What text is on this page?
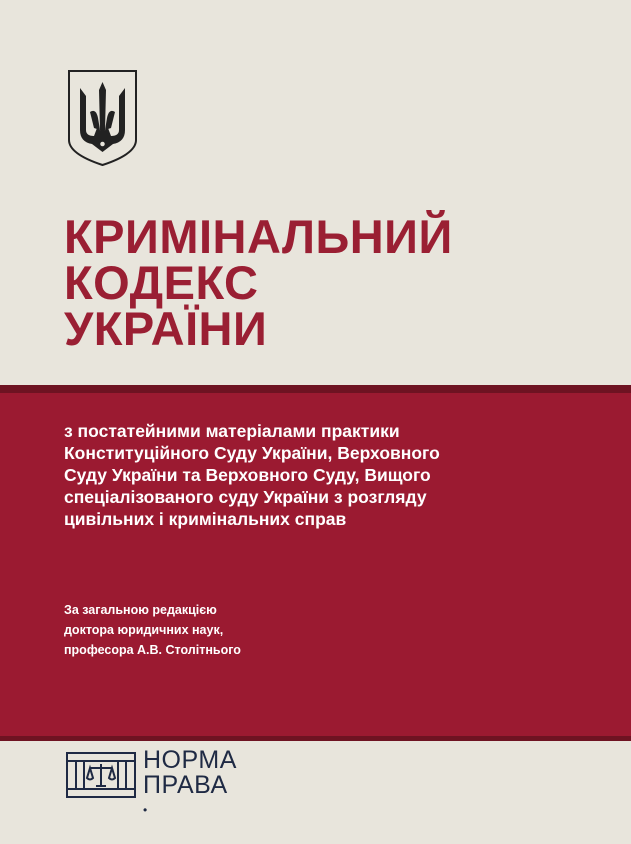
КРИМІНАЛЬНИЙ
КОДЕКС
УКРАЇНИ
з постатейними матеріалами практики
Конституційного Суду України, Верховного
Суду України та Верховного Суду, Вищого
спеціалізованого суду України з розгляду
цивільних і кримінальних справ
За загальною редакцією
доктора юридичних наук,
професора А.В. Столітнього
НОРМА
ПРАВА
•
